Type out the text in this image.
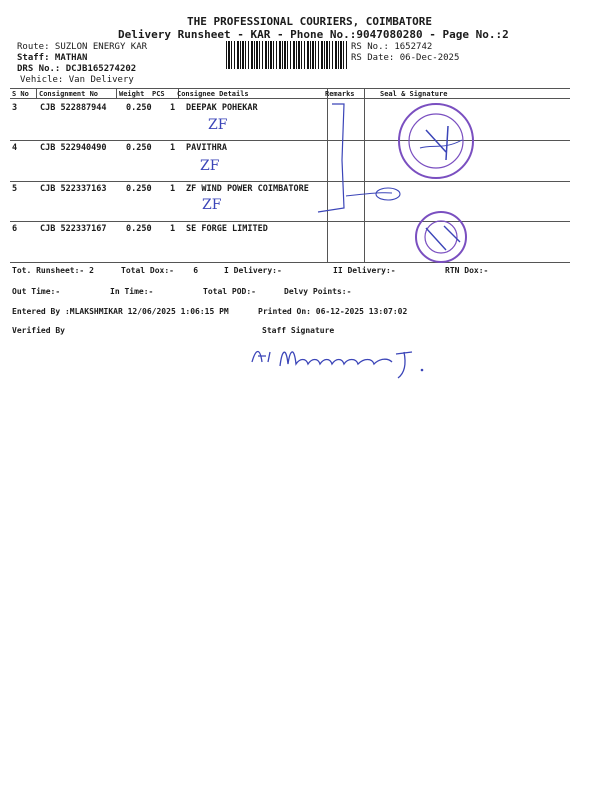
THE PROFESSIONAL COURIERS, COIMBATORE
Delivery Runsheet - KAR - Phone No.:9047080280 - Page No.:2
Route: SUZLON ENERGY KAR
Staff: MATHAN
DRS No.: DCJB165274202
Vehicle: Van Delivery
RS No.: 1652742
RS Date: 06-Dec-2025
S No Consignment No	Weight PCS Consignee Details	Remarks	Seal & Signature
3	CJB 522887944 0.250 1 DEEPAK POHEKAR
ZF
4	CJB 522940490 0.250 1 PAVITHRA
ZF
5	CJB 522337163 0.250 1 ZF WIND POWER COIMBATORE
ZF
6	CJB 522337167 0.250 1 SE FORGE LIMITED
Tot. Runsheet:- 2	Total Dox:-    6	I Delivery:-	II Delivery:-	RTN Dox:-
Out Time:-	In Time:-	Total POD:-	Delvy Points:-
Entered By :MLAKSHMIKAR 12/06/2025 1:06:15 PM	Printed On: 06-12-2025 13:07:02
Verified By	Staff Signature
